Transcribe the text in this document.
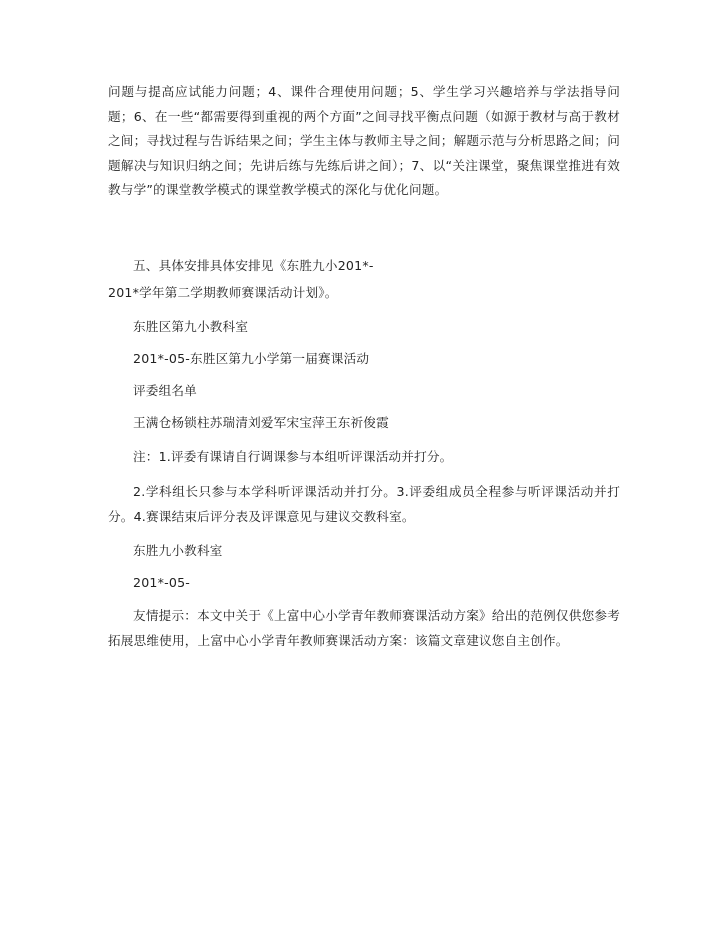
问题与提高应试能力问题；4、课件合理使用问题；5、学生学习兴趣培养与学法指导问题；6、在一些“都需要得到重视的两个方面”之间寻找平衡点问题（如源于教材与高于教材之间；寻找过程与告诉结果之间；学生主体与教师主导之间；解题示范与分析思路之间；问题解决与知识归纳之间；先讲后练与先练后讲之间）；7、以“关注课堂，聚焦课堂推进有效教与学”的课堂教学模式的课堂教学模式的深化与优化问题。

五、具体安排具体安排见《东胜九小201*-

201*学年第二学期教师赛课活动计划》。

东胜区第九小教科室

201*-05-东胜区第九小学第一届赛课活动

评委组名单

王满仓杨锁柱苏瑞清刘爱军宋宝萍王东祈俊霞

注：1.评委有课请自行调课参与本组听评课活动并打分。

2.学科组长只参与本学科听评课活动并打分。3.评委组成员全程参与听评课活动并打分。4.赛课结束后评分表及评课意见与建议交教科室。

东胜九小教科室

201*-05-

友情提示：本文中关于《上富中心小学青年教师赛课活动方案》给出的范例仅供您参考拓展思维使用，上富中心小学青年教师赛课活动方案：该篇文章建议您自主创作。
